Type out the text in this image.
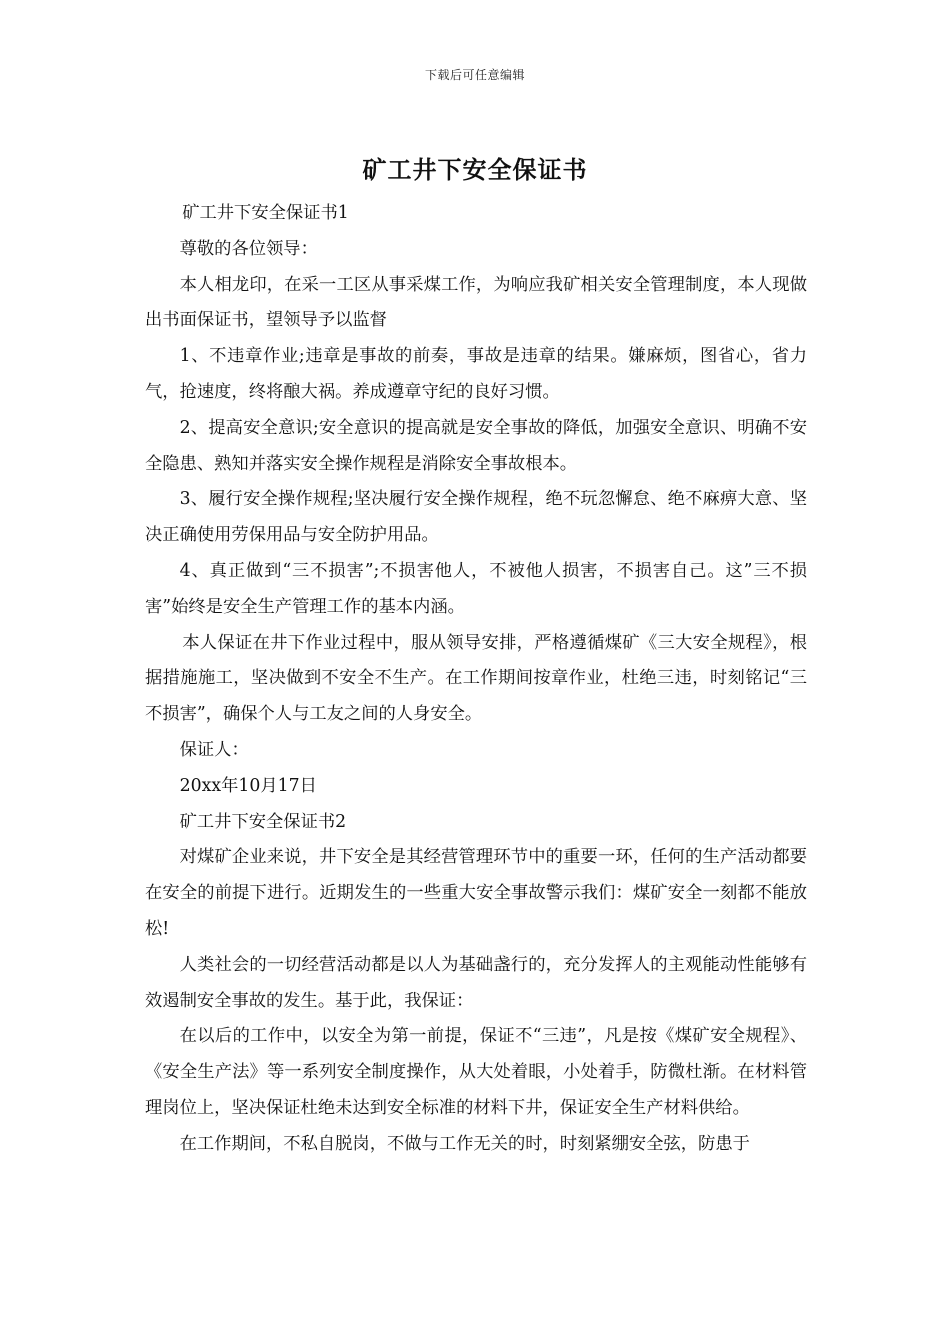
下载后可任意编辑
矿工井下安全保证书

矿工井下安全保证书1

尊敬的各位领导：

本人相龙印，在采一工区从事采煤工作，为响应我矿相关安全管理制度，本人现做出书面保证书，望领导予以监督

1、不违章作业;违章是事故的前奏，事故是违章的结果。嫌麻烦，图省心，省力气，抢速度，终将酿大祸。养成遵章守纪的良好习惯。

2、提高安全意识;安全意识的提高就是安全事故的降低，加强安全意识、明确不安全隐患、熟知并落实安全操作规程是消除安全事故根本。

3、履行安全操作规程;坚决履行安全操作规程，绝不玩忽懈怠、绝不麻痹大意、坚决正确使用劳保用品与安全防护用品。

4、真正做到“三不损害”;不损害他人，不被他人损害，不损害自己。这”三不损害”始终是安全生产管理工作的基本内涵。

本人保证在井下作业过程中，服从领导安排，严格遵循煤矿《三大安全规程》，根据措施施工，坚决做到不安全不生产。在工作期间按章作业，杜绝三违，时刻铭记“三不损害”，确保个人与工友之间的人身安全。

保证人：

20xx年10月17日

矿工井下安全保证书2

对煤矿企业来说，井下安全是其经营管理环节中的重要一环，任何的生产活动都要在安全的前提下进行。近期发生的一些重大安全事故警示我们：煤矿安全一刻都不能放松!

人类社会的一切经营活动都是以人为基础盏行的，充分发挥人的主观能动性能够有效遏制安全事故的发生。基于此，我保证：

在以后的工作中，以安全为第一前提，保证不“三违”，凡是按《煤矿安全规程》、《安全生产法》等一系列安全制度操作，从大处着眼，小处着手，防微杜渐。在材料管理岗位上，坚决保证杜绝未达到安全标准的材料下井，保证安全生产材料供给。

在工作期间，不私自脱岗，不做与工作无关的时，时刻紧绷安全弦，防患于
